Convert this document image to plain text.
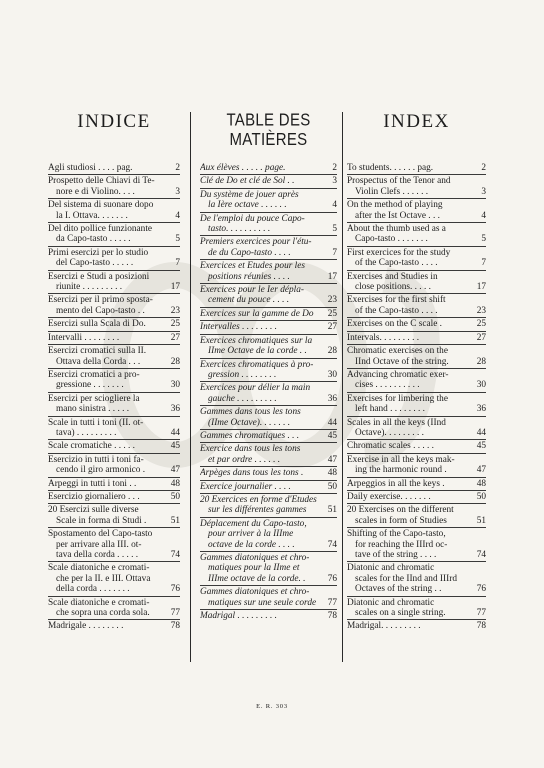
INDICE
Agli studiosi . . . . pag.	2
Prospetto delle Chiavi di Te-
nore e di Violino. . . .	3
Del sistema di suonare dopo
la I. Ottava. . . . . . .	4
Del dito pollice funzionante
da Capo-tasto . . . . .	5
Primi esercizi per lo studio
del Capo-tasto . . . . .	7
Esercizi e Studi a posizioni
riunite . . . . . . . . .	17
Esercizi per il primo sposta-
mento del Capo-tasto . .	23
Esercizi sulla Scala di Do.	25
Intervalli . . . . . . . .	27
Esercizi cromatici sulla II.
Ottava della Corda . . .	28
Esercizi cromatici a pro-
gressione . . . . . . .	30
Esercizi per sciogliere la
mano sinistra . . . . .	36
Scale in tutti i toni (II. ot-
tava) . . . . . . . . .	44
Scale cromatiche . . . . .	45
Esercizio in tutti i toni fa-
cendo il giro armonico .	47
Arpeggi in tutti i toni . .	48
Esercizio giornaliero . . .	50
20 Esercizi sulle diverse
Scale in forma di Studi .	51
Spostamento del Capo-tasto
per arrivare alla III. ot-
tava della corda . . . . .	74
Scale diatoniche e cromati-
che per la II. e III. Ottava
della corda . . . . . . .	76
Scale diatoniche e cromati-
che sopra una corda sola.	77
Madrigale . . . . . . . .	78
TABLE DES MATIÈRES
Aux élèves . . . . . page.	2
Clé de Do et clé de Sol . .	3
Du système de jouer après
la Ière octave . . . . . .	4
De l'emploi du pouce Capo-
tasto. . . . . . . . . .	5
Premiers exercices pour l'étu-
de du Capo-tasto . . . .	7
Exercices et Etudes pour les
positions réunies . . . .	17
Exercices pour le Ier dépla-
cement du pouce . . . .	23
Exercices sur la gamme de Do	25
Intervalles . . . . . . . .	27
Exercices chromatiques sur la
IIme Octave de la corde . .	28
Exercices chromatiques à pro-
gression . . . . . . . .	30
Exercices pour délier la main
gauche . . . . . . . . .	36
Gammes dans tous les tons
(IIme Octave). . . . . . .	44
Gammes chromatiques . . .	45
Exercice dans tous les tons
et par ordre . . . . . .	47
Arpèges dans tous les tons .	48
Exercice journalier . . . .	50
20 Exercices en forme d'Etudes
sur les différentes gammes	51
Déplacement du Capo-tasto,
pour arriver à la IIIme
octave de la corde . . . .	74
Gammes diatoniques et chro-
matiques pour la IIme et
IIIme octave de la corde. .	76
Gammes diatoniques et chro-
matiques sur une seule corde	77
Madrigal . . . . . . . . .	78
INDEX
To students. . . . . . pag.	2
Prospectus of the Tenor and
Violin Clefs . . . . . .	3
On the method of playing
after the Ist Octave . . .	4
About the thumb used as a
Capo-tasto . . . . . . .	5
First exercices for the study
of the Capo-tasto . . . .	7
Exercises and Studies in
close positions. . . . .	17
Exercises for the first shift
of the Capo-tasto . . . .	23
Exercises on the C scale .	25
Intervals. . . . . . . . .	27
Chromatic exercises on the
IInd Octave of the string.	28
Advancing chromatic exer-
cises . . . . . . . . . .	30
Exercises for limbering the
left hand . . . . . . . .	36
Scales in all the keys (IInd
Octave). . . . . . . . .	44
Chromatic scales . . . . .	45
Exercise in all the keys mak-
ing the harmonic round .	47
Arpeggios in all the keys .	48
Daily exercise. . . . . . .	50
20 Exercises on the different
scales in form of Studies	51
Shifting of the Capo-tasto,
for reaching the IIIrd oc-
tave of the string . . . .	74
Diatonic and chromatic
scales for the IInd and IIIrd
Octaves of the string . .	76
Diatonic and chromatic
scales on a single string.	77
Madrigal. . . . . . . . .	78
E. R. 303
